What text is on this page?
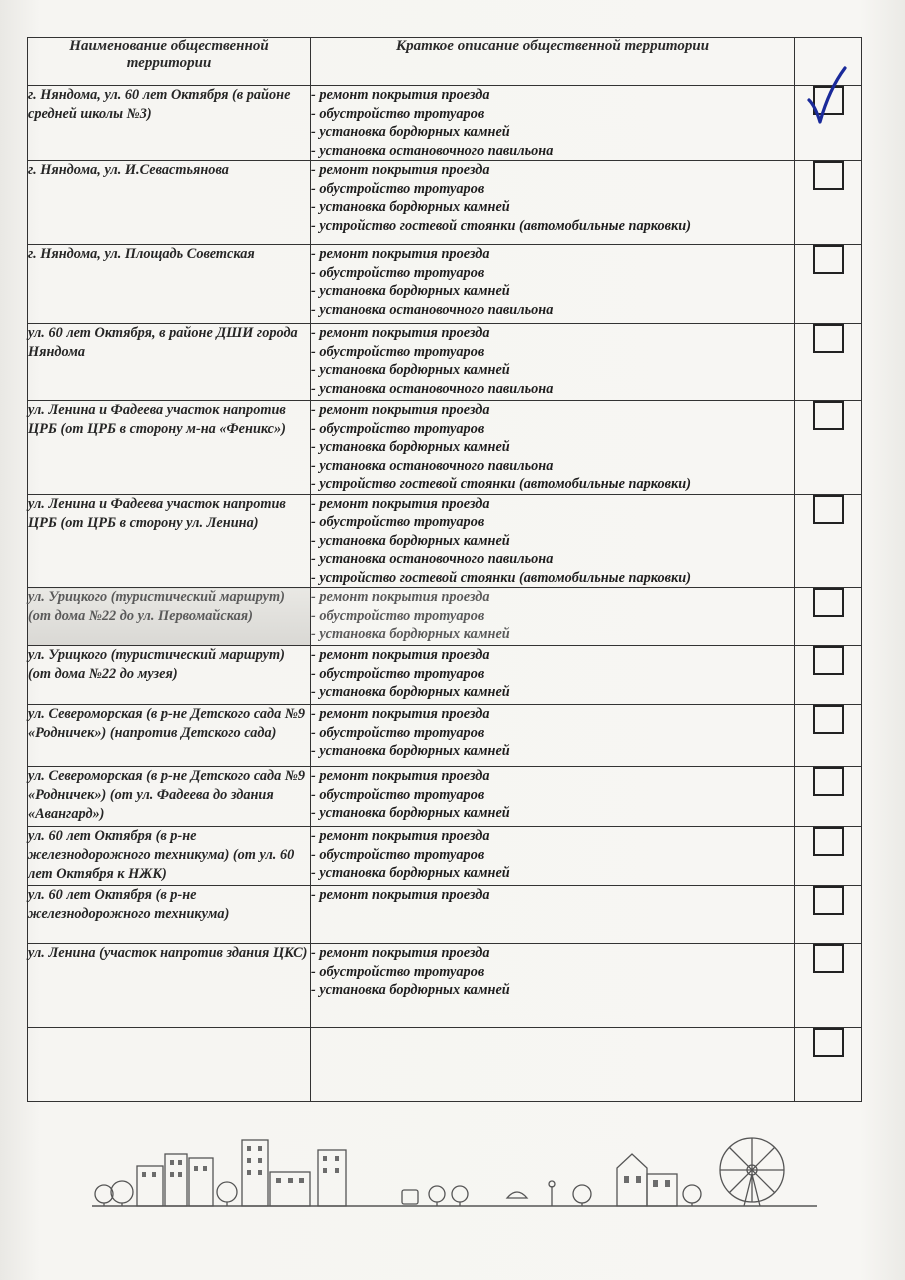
Наименование общественной территории	Краткое описание общественной территории	
г. Няндома, ул. 60 лет Октября (в районе средней школы №3)	- ремонт покрытия проезда
- обустройство тротуаров
- установка бордюрных камней
- установка остановочного павильона

г. Няндома, ул. И.Севастьянова	- ремонт покрытия проезда
- обустройство тротуаров
- установка бордюрных камней
- устройство гостевой стоянки (автомобильные парковки)	

г. Няндома, ул. Площадь Советская	- ремонт покрытия проезда
- обустройство тротуаров
- установка бордюрных камней
- установка остановочного павильона	

ул. 60 лет Октября, в районе ДШИ города Няндома	- ремонт покрытия проезда
- обустройство тротуаров
- установка бордюрных камней
- установка остановочного павильона	

ул. Ленина и Фадеева участок напротив ЦРБ (от ЦРБ в сторону м-на «Феникс»)	- ремонт покрытия проезда
- обустройство тротуаров
- установка бордюрных камней
- установка остановочного павильона
- устройство гостевой стоянки (автомобильные парковки)	

ул. Ленина и Фадеева участок напротив ЦРБ (от ЦРБ в сторону ул. Ленина)	- ремонт покрытия проезда
- обустройство тротуаров
- установка бордюрных камней
- установка остановочного павильона
- устройство гостевой стоянки (автомобильные парковки)	

ул. Урицкого (туристический маршрут) (от дома №22 до ул. Первомайская)	- ремонт покрытия проезда
- обустройство тротуаров
- установка бордюрных камней	

ул. Урицкого (туристический маршрут) (от дома №22 до музея)	- ремонт покрытия проезда
- обустройство тротуаров
- установка бордюрных камней	

ул. Североморская (в р-не Детского сада №9 «Родничек») (напротив Детского сада)	- ремонт покрытия проезда
- обустройство тротуаров
- установка бордюрных камней	

ул. Североморская (в р-не Детского сада №9 «Родничек») (от ул. Фадеева до здания «Авангард»)	- ремонт покрытия проезда
- обустройство тротуаров
- установка бордюрных камней	

ул. 60 лет Октября (в р-не железнодорожного техникума) (от ул. 60 лет Октября к НЖК)	- ремонт покрытия проезда
- обустройство тротуаров
- установка бордюрных камней	

ул. 60 лет Октября (в р-не железнодорожного техникума)	- ремонт покрытия проезда	

ул. Ленина (участок напротив здания ЦКС)	- ремонт покрытия проезда
- обустройство тротуаров
- установка бордюрных камней	
